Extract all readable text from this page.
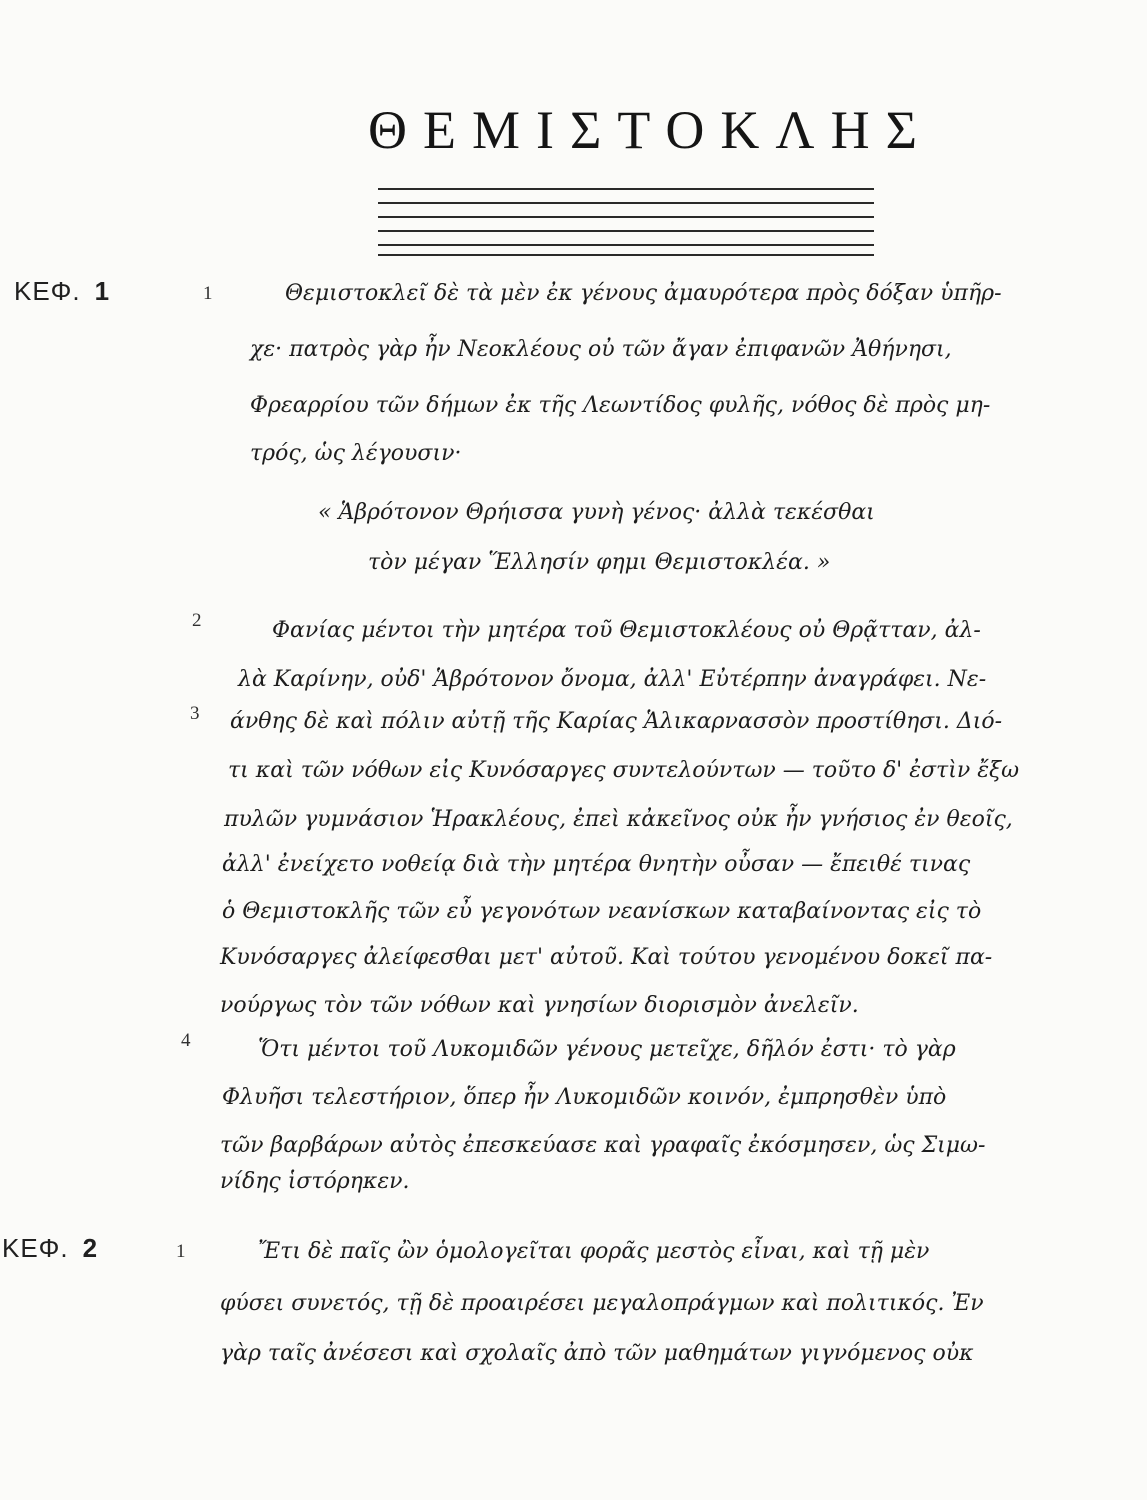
ΘΕΜΙΣΤΟΚΛΗΣ
ΚΕΦ. 1	1	Θεμιστοκλεῖ δὲ τὰ μὲν ἐκ γένους ἀμαυρότερα πρὸς δόξαν ὑπῆρ-
χε· πατρὸς γὰρ ἦν Νεοκλέους οὐ τῶν ἄγαν ἐπιφανῶν Ἀθήνησι,
Φρεαρρίου τῶν δήμων ἐκ τῆς Λεωντίδος φυλῆς, νόθος δὲ πρὸς μη-
τρός, ὡς λέγουσιν·
« Ἁβρότονον Θρήισσα γυνὴ γένος· ἀλλὰ τεκέσθαι
τὸν μέγαν Ἕλλησίν φημι Θεμιστοκλέα. »
2	Φανίας μέντοι τὴν μητέρα τοῦ Θεμιστοκλέους οὐ Θρᾷτταν, ἀλ-
λὰ Καρίνην, οὐδ' Ἁβρότονον ὄνομα, ἀλλ' Εὐτέρπην ἀναγράφει. Νε-
3 άνθης δὲ καὶ πόλιν αὐτῇ τῆς Καρίας Ἁλικαρνασσὸν προστίθησι. Διό-
τι καὶ τῶν νόθων εἰς Κυνόσαργες συντελούντων — τοῦτο δ' ἐστὶν ἔξω
πυλῶν γυμνάσιον Ἡρακλέους, ἐπεὶ κἀκεῖνος οὐκ ἦν γνήσιος ἐν θεοῖς,
ἀλλ' ἐνείχετο νοθείᾳ διὰ τὴν μητέρα θνητὴν οὖσαν — ἔπειθέ τινας
ὁ Θεμιστοκλῆς τῶν εὖ γεγονότων νεανίσκων καταβαίνοντας εἰς τὸ
Κυνόσαργες ἀλείφεσθαι μετ' αὐτοῦ. Καὶ τούτου γενομένου δοκεῖ πα-
νούργως τὸν τῶν νόθων καὶ γνησίων διορισμὸν ἀνελεῖν.
4	Ὅτι μέντοι τοῦ Λυκομιδῶν γένους μετεῖχε, δῆλόν ἐστι· τὸ γὰρ
Φλυῆσι τελεστήριον, ὅπερ ἦν Λυκομιδῶν κοινόν, ἐμπρησθὲν ὑπὸ
τῶν βαρβάρων αὐτὸς ἐπεσκεύασε καὶ γραφαῖς ἐκόσμησεν, ὡς Σιμω-
νίδης ἱστόρηκεν.
ΚΕΦ. 2	1	Ἔτι δὲ παῖς ὢν ὁμολογεῖται φορᾶς μεστὸς εἶναι, καὶ τῇ μὲν
φύσει συνετός, τῇ δὲ προαιρέσει μεγαλοπράγμων καὶ πολιτικός. Ἐν
γὰρ ταῖς ἀνέσεσι καὶ σχολαῖς ἀπὸ τῶν μαθημάτων γιγνόμενος οὐκ
